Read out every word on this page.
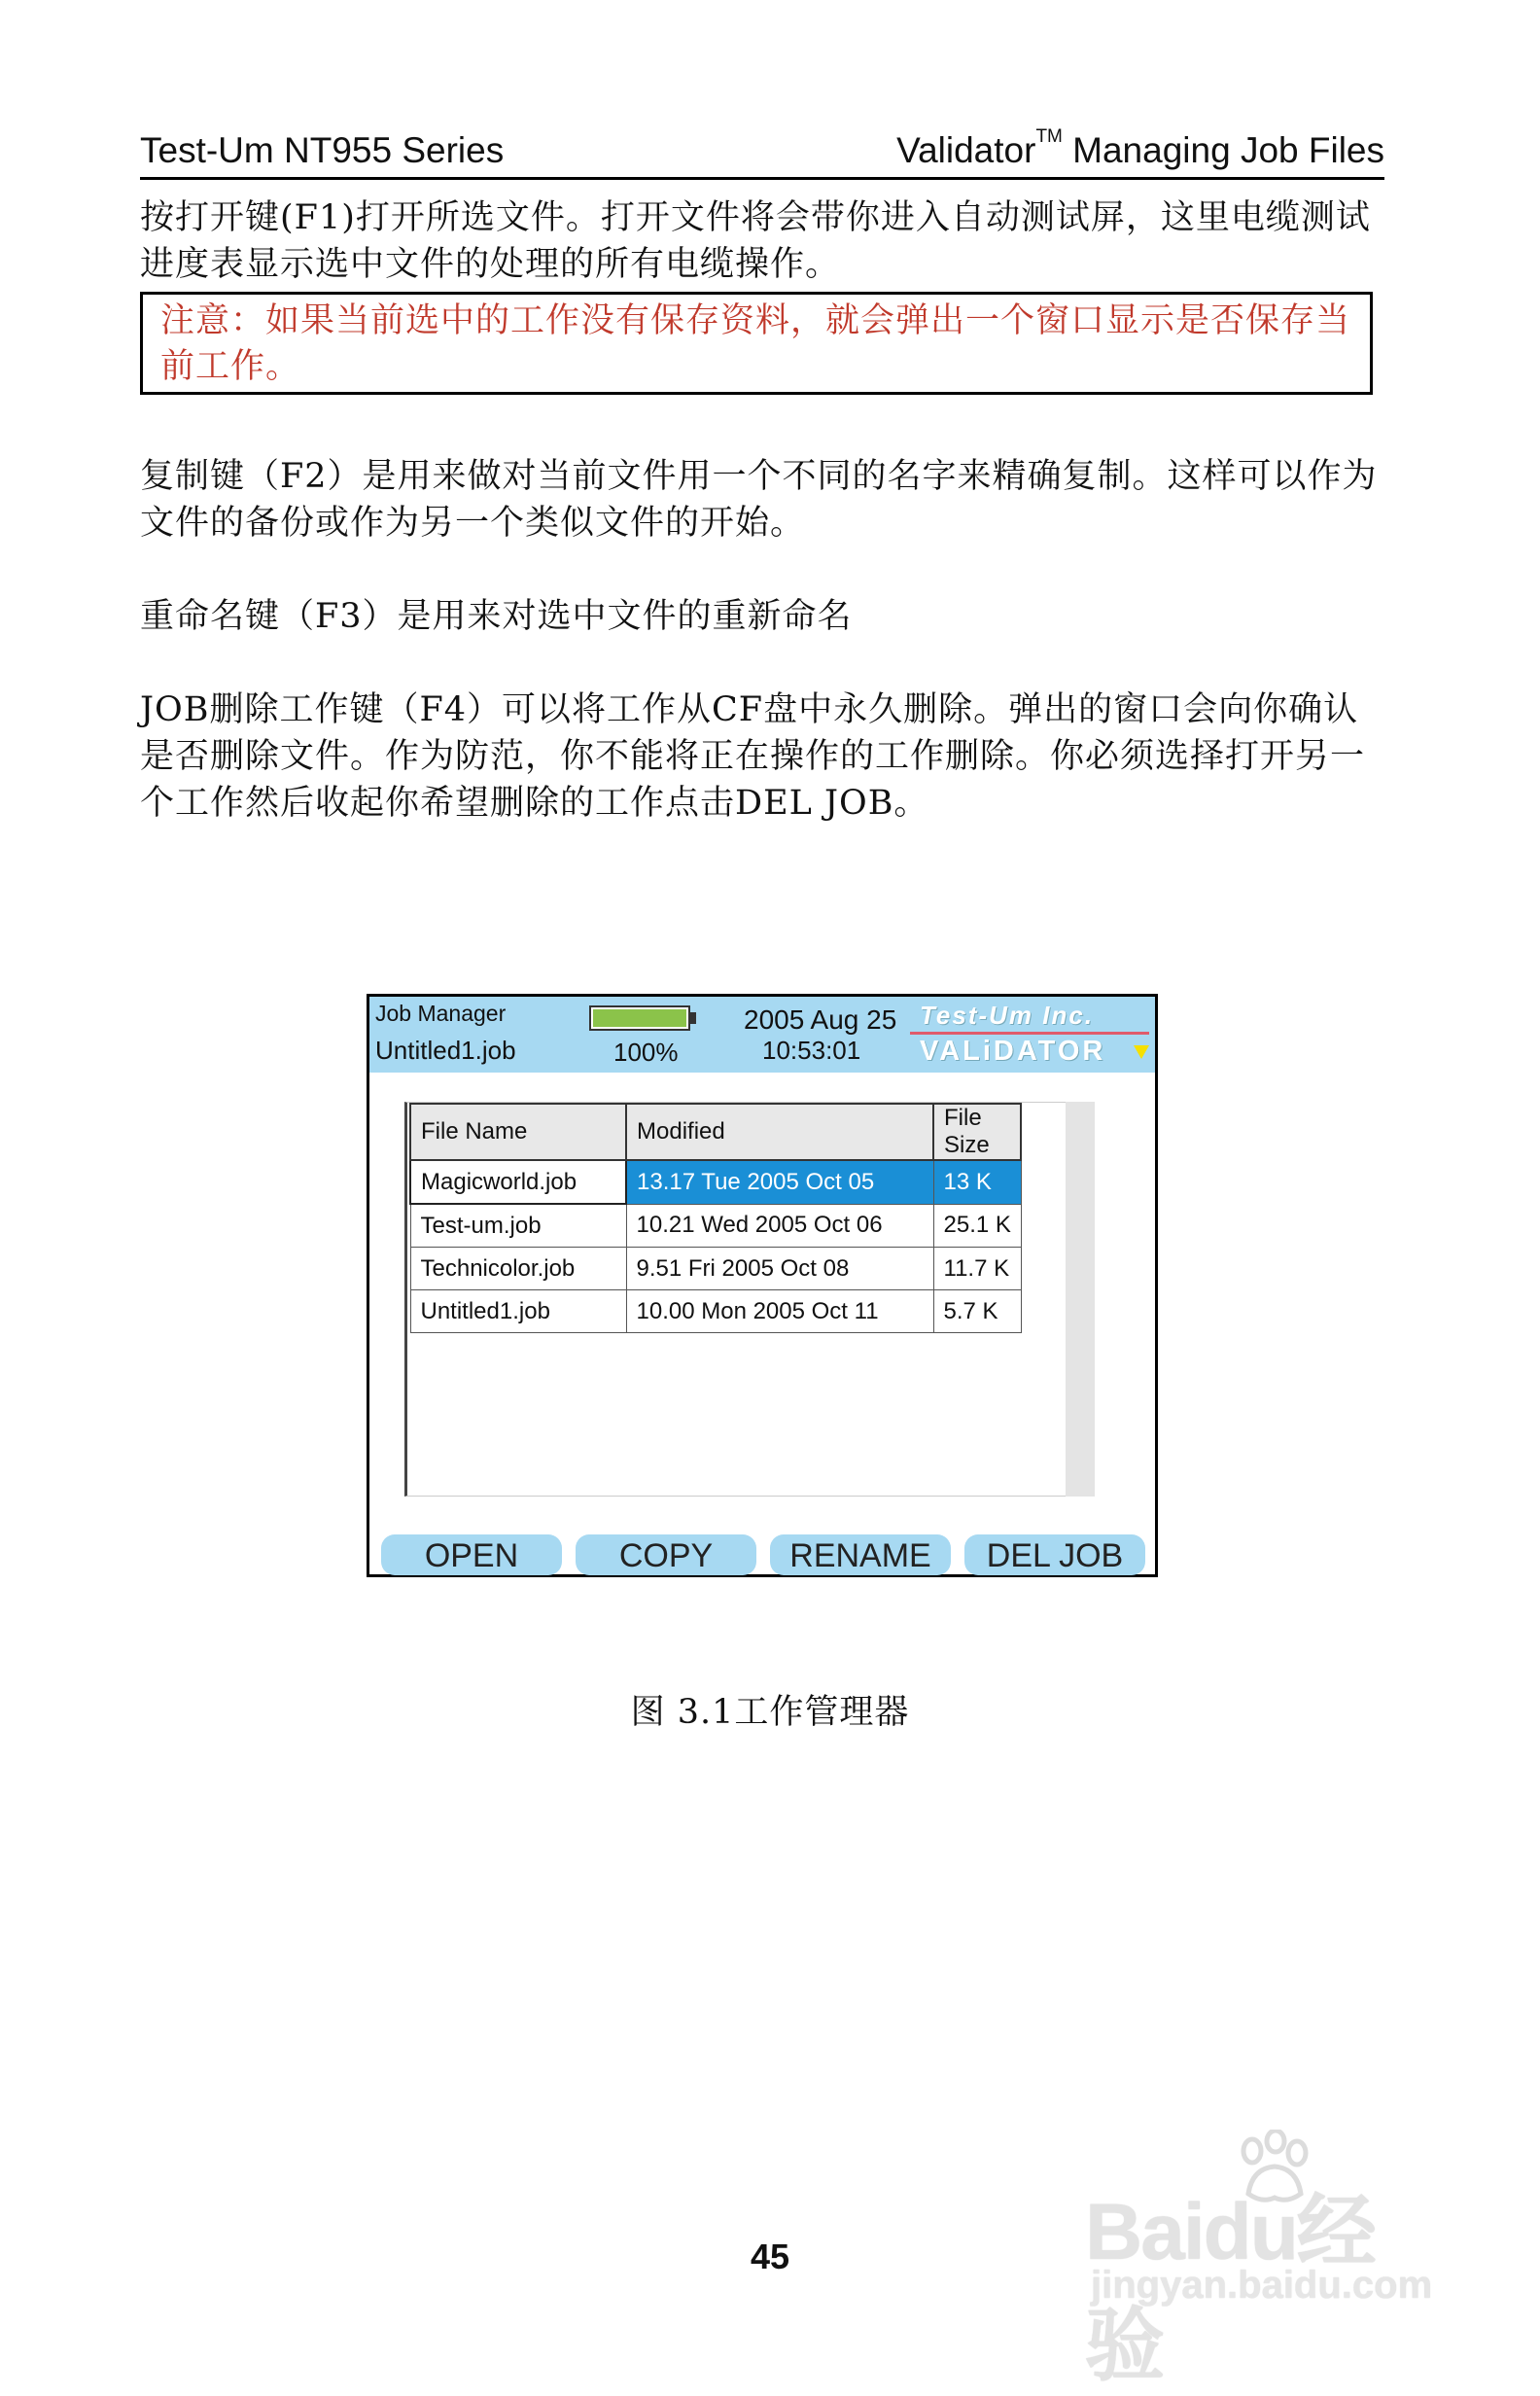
Test-Um NT955 Series	Validator™ Managing Job Files
按打开键(F1)打开所选文件。打开文件将会带你进入自动测试屏，这里电缆测试进度表显示选中文件的处理的所有电缆操作。
注意：如果当前选中的工作没有保存资料，就会弹出一个窗口显示是否保存当前工作。
复制键（F2）是用来做对当前文件用一个不同的名字来精确复制。这样可以作为文件的备份或作为另一个类似文件的开始。
重命名键（F3）是用来对选中文件的重新命名
JOB删除工作键（F4）可以将工作从CF盘中永久删除。弹出的窗口会向你确认是否删除文件。作为防范，你不能将正在操作的工作删除。你必须选择打开另一个工作然后收起你希望删除的工作点击DEL JOB。
Job Manager
Untitled1.job	100%
2005 Aug 25
10:53:01
Test-Um Inc.
VALiDATOR
File Name	Modified	File Size
Magicworld.job	13.17 Tue 2005 Oct 05	13 K
Test-um.job	10.21 Wed 2005 Oct 06	25.1 K
Technicolor.job	9.51 Fri 2005 Oct 08	11.7 K
Untitled1.job	10.00 Mon 2005 Oct 11	5.7 K
OPEN	COPY	RENAME	DEL JOB
图 3.1工作管理器
45	Baidu经验
jingyan.baidu.com
